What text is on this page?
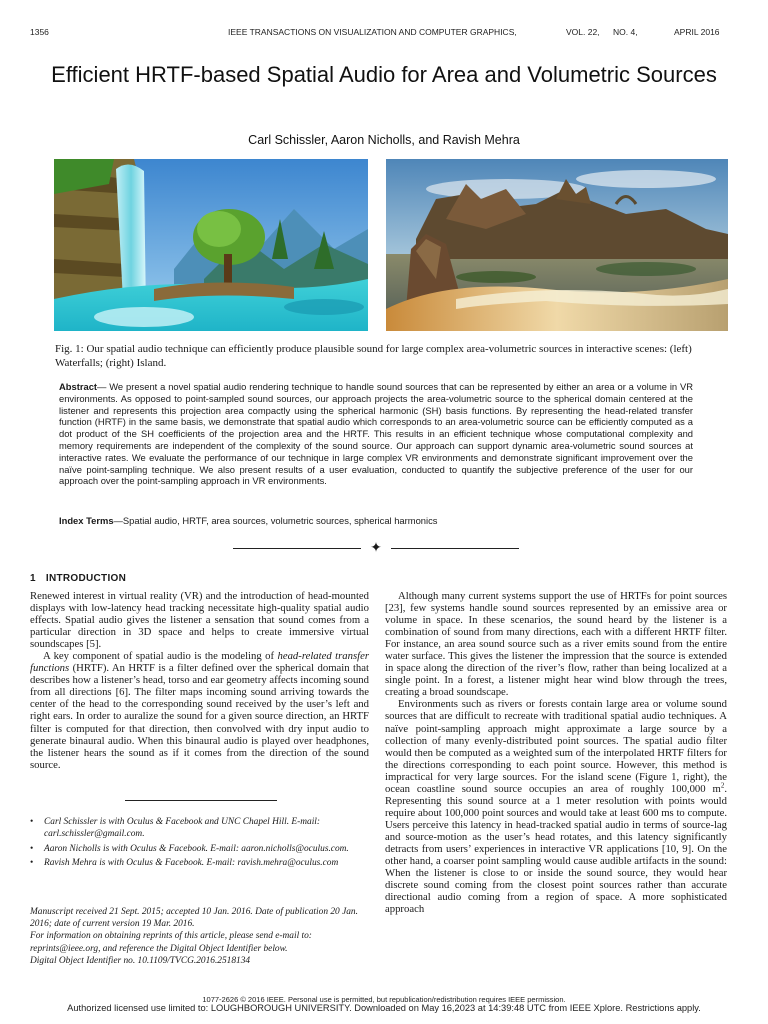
1356	IEEE TRANSACTIONS ON VISUALIZATION AND COMPUTER GRAPHICS,	VOL. 22, NO. 4,	APRIL 2016
Efficient HRTF-based Spatial Audio for Area and Volumetric Sources
Carl Schissler, Aaron Nicholls, and Ravish Mehra
Fig. 1: Our spatial audio technique can efficiently produce plausible sound for large complex area-volumetric sources in interactive scenes: (left) Waterfalls; (right) Island.
Abstract— We present a novel spatial audio rendering technique to handle sound sources that can be represented by either an area or a volume in VR environments. As opposed to point-sampled sound sources, our approach projects the area-volumetric source to the spherical domain centered at the listener and represents this projection area compactly using the spherical harmonic (SH) basis functions. By representing the head-related transfer function (HRTF) in the same basis, we demonstrate that spatial audio which corresponds to an area-volumetric source can be efficiently computed as a dot product of the SH coefficients of the projection area and the HRTF. This results in an efficient technique whose computational complexity and memory requirements are independent of the complexity of the sound source. Our approach can support dynamic area-volumetric sound sources at interactive rates. We evaluate the performance of our technique in large complex VR environments and demonstrate significant improvement over the naïve point-sampling technique. We also present results of a user evaluation, conducted to quantify the subjective preference of the user for our approach over the point-sampling approach in VR environments.
Index Terms—Spatial audio, HRTF, area sources, volumetric sources, spherical harmonics
✦
1 INTRODUCTION

Renewed interest in virtual reality (VR) and the introduction of head-mounted displays with low-latency head tracking necessitate high-quality spatial audio effects. Spatial audio gives the listener a sensation that sound comes from a particular direction in 3D space and helps to create immersive virtual soundscapes [5].

A key component of spatial audio is the modeling of head-related transfer functions (HRTF). An HRTF is a filter defined over the spherical domain that describes how a listener’s head, torso and ear geometry affects incoming sound from all directions [6]. The filter maps incoming sound arriving towards the center of the head to the corresponding sound received by the user’s left and right ears. In order to auralize the sound for a given source direction, an HRTF filter is computed for that direction, then convolved with dry input audio to generate binaural audio. When this binaural audio is played over headphones, the listener hears the sound as if it comes from the direction of the sound source.

• Carl Schissler is with Oculus & Facebook and UNC Chapel Hill. E-mail: carl.schissler@gmail.com.
• Aaron Nicholls is with Oculus & Facebook. E-mail: aaron.nicholls@oculus.com.
• Ravish Mehra is with Oculus & Facebook. E-mail: ravish.mehra@oculus.com

Manuscript received 21 Sept. 2015; accepted 10 Jan. 2016. Date of publication 20 Jan. 2016; date of current version 19 Mar. 2016.

For information on obtaining reprints of this article, please send e-mail to: reprints@ieee.org, and reference the Digital Object Identifier below.

Digital Object Identifier no. 10.1109/TVCG.2016.2518134

Although many current systems support the use of HRTFs for point sources [23], few systems handle sound sources represented by an emissive area or volume in space. In these scenarios, the sound heard by the listener is a combination of sound from many directions, each with a different HRTF filter. For instance, an area sound source such as a river emits sound from the entire water surface. This gives the listener the impression that the source is extended in space along the direction of the river’s flow, rather than being localized at a single point. In a forest, a listener might hear wind blow through the trees, creating a broad soundscape.

Environments such as rivers or forests contain large area or volume sound sources that are difficult to recreate with traditional spatial audio techniques. A naïve point-sampling approach might approximate a large source by a collection of many evenly-distributed point sources. The spatial audio filter would then be computed as a weighted sum of the interpolated HRTF filters for the directions corresponding to each point source. However, this method is impractical for very large sources. For the island scene (Figure 1, right), the ocean coastline sound source occupies an area of roughly 100,000 $m^2$. Representing this sound source at a 1 meter resolution with points would require about 100,000 point sources and would take at least 600 ms to compute. Users perceive this latency in head-tracked spatial audio in terms of source-lag and source-motion as the user’s head rotates, and this latency significantly detracts from users’ experiences in interactive VR applications [10, 9]. On the other hand, a coarser point sampling would cause audible artifacts in the sound: When the listener is close to or inside the sound source, they would hear discrete sound coming from the closest point sources rather than accurate directional audio coming from a region of space. A more sophisticated approach

1077-2626 © 2016 IEEE. Personal use is permitted, but republication/redistribution requires IEEE permission.
Authorized licensed use limited to: LOUGHBOROUGH UNIVERSITY. Downloaded on May 16,2023 at 14:39:48 UTC from IEEE Xplore. Restrictions apply.
